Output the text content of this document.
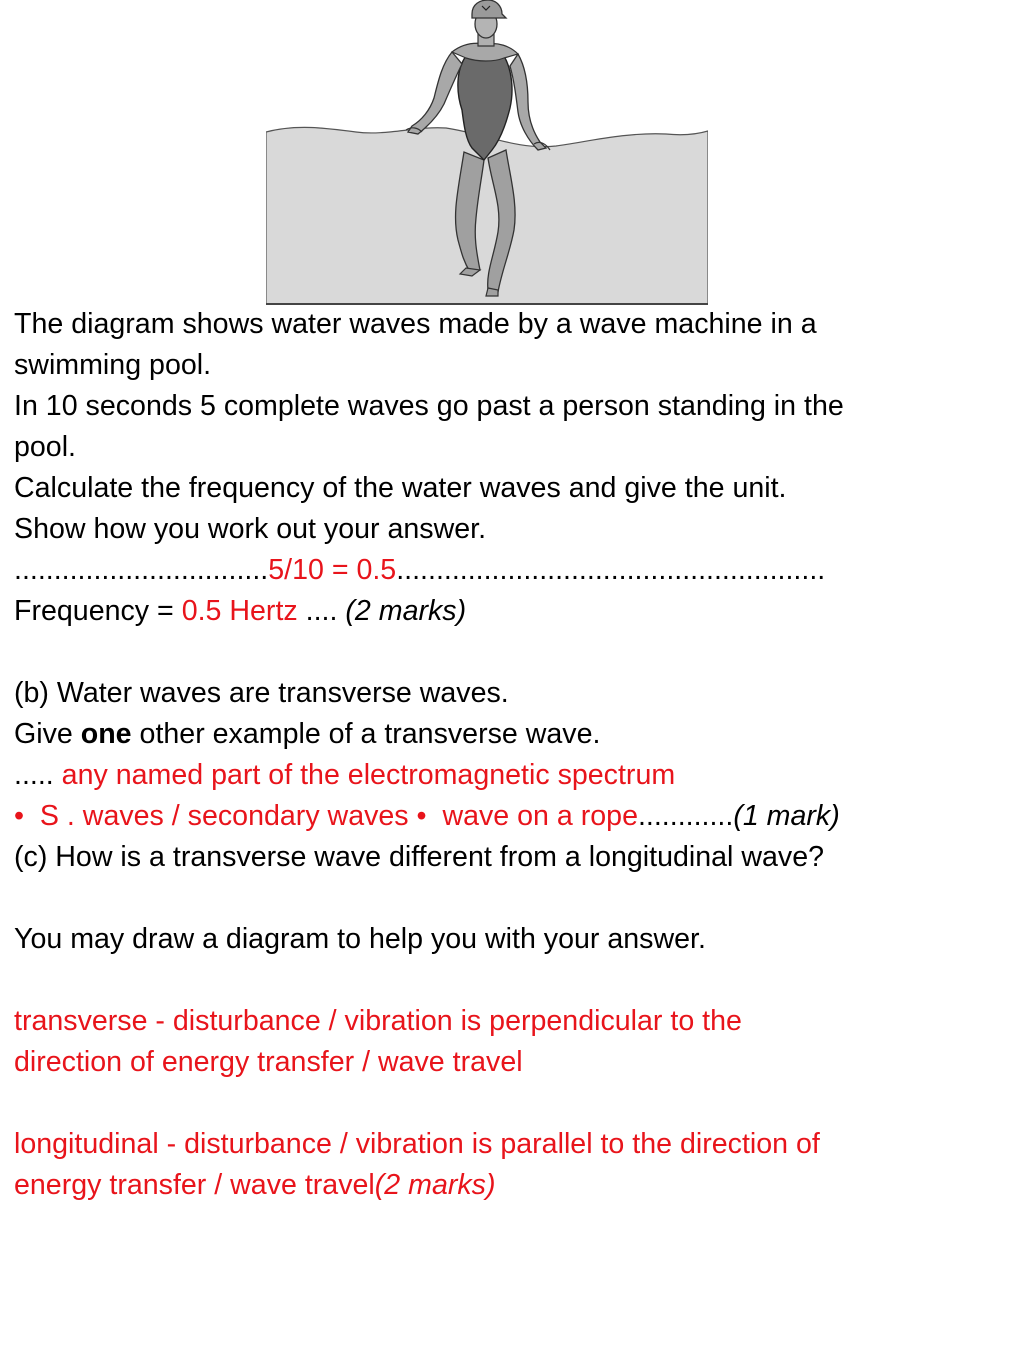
The diagram shows water waves made by a wave machine in a
swimming pool.
In 10 seconds 5 complete waves go past a person standing in the
pool.
Calculate the frequency of the water waves and give the unit.
Show how you work out your answer.
................................5/10 = 0.5......................................................
Frequency = 0.5 Hertz .... (2 marks)
(b) Water waves are transverse waves.
Give one other example of a transverse wave.
..... any named part of the electromagnetic spectrum
•  S . waves / secondary waves •  wave on a rope............(1 mark)
(c) How is a transverse wave different from a longitudinal wave?
You may draw a diagram to help you with your answer.
transverse - disturbance / vibration is perpendicular to the
direction of energy transfer / wave travel
longitudinal - disturbance / vibration is parallel to the direction of
energy transfer / wave travel(2 marks)
